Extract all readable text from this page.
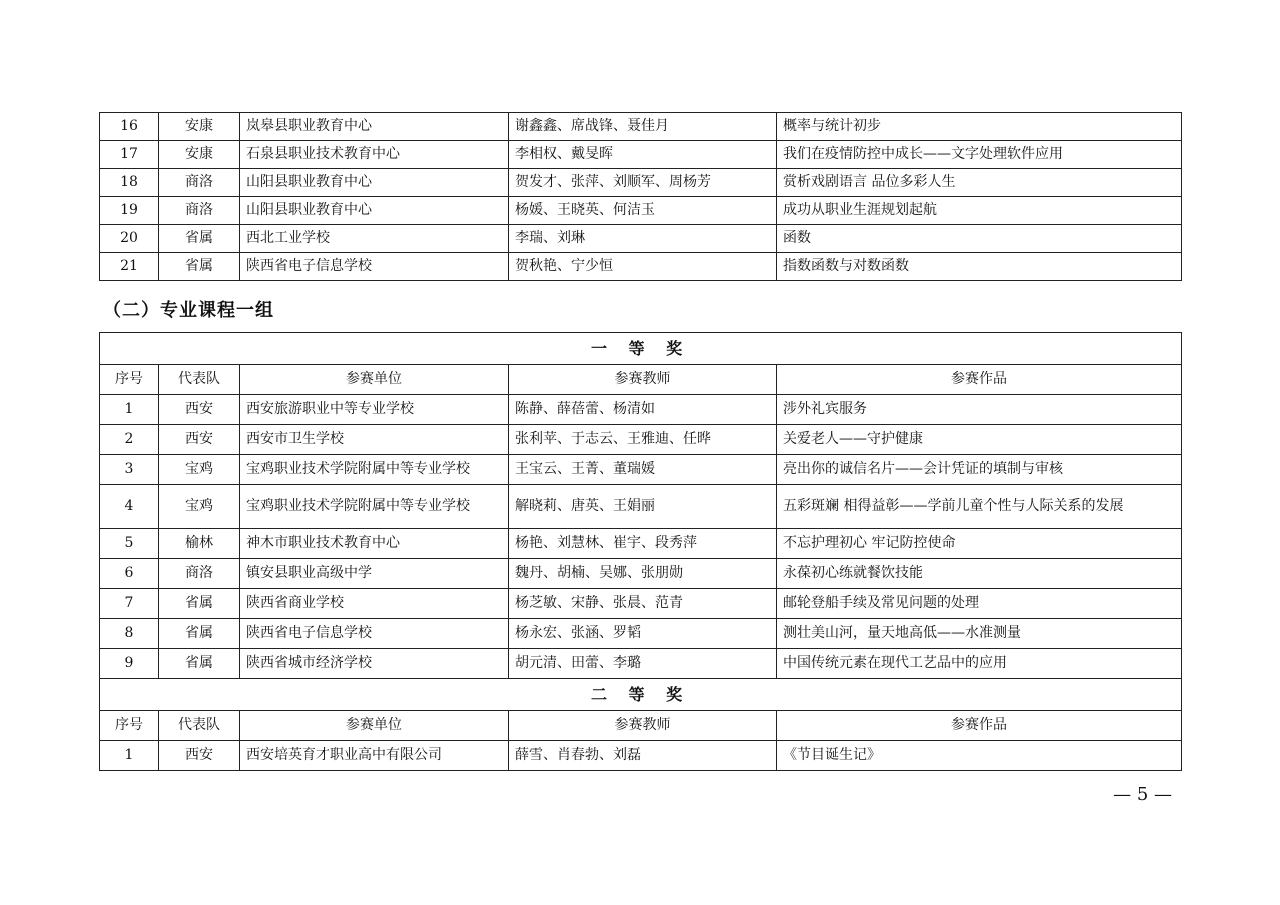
16	安康	岚皋县职业教育中心	谢鑫鑫、席战锋、聂佳月	概率与统计初步
17	安康	石泉县职业技术教育中心	李相权、戴旻晖	我们在疫情防控中成长——文字处理软件应用
18	商洛	山阳县职业教育中心	贺发才、张萍、刘顺军、周杨芳	赏析戏剧语言 品位多彩人生
19	商洛	山阳县职业教育中心	杨媛、王晓英、何洁玉	成功从职业生涯规划起航
20	省属	西北工业学校	李瑞、刘琳	函数
21	省属	陕西省电子信息学校	贺秋艳、宁少恒	指数函数与对数函数
（二）专业课程一组
一 等 奖				
序号	代表队	参赛单位	参赛教师	参赛作品
1	西安	西安旅游职业中等专业学校	陈静、薛蓓蕾、杨清如	涉外礼宾服务
2	西安	西安市卫生学校	张利苹、于志云、王雅迪、任晔	关爱老人——守护健康
3	宝鸡	宝鸡职业技术学院附属中等专业学校	王宝云、王菁、董瑞媛	亮出你的诚信名片——会计凭证的填制与审核
4	宝鸡	宝鸡职业技术学院附属中等专业学校	解晓莉、唐英、王娟丽	五彩斑斓 相得益彰——学前儿童个性与人际关系的发展
5	榆林	神木市职业技术教育中心	杨艳、刘慧林、崔宇、段秀萍	不忘护理初心 牢记防控使命
6	商洛	镇安县职业高级中学	魏丹、胡楠、吴娜、张朋勋	永葆初心练就餐饮技能
7	省属	陕西省商业学校	杨芝敏、宋静、张晨、范青	邮轮登船手续及常见问题的处理
8	省属	陕西省电子信息学校	杨永宏、张涵、罗韬	测壮美山河，量天地高低——水准测量
9	省属	陕西省城市经济学校	胡元清、田蕾、李璐	中国传统元素在现代工艺品中的应用
二 等 奖				
序号	代表队	参赛单位	参赛教师	参赛作品
1	西安	西安培英育才职业高中有限公司	薛雪、肖春勃、刘磊	《节目诞生记》
— 5 —
